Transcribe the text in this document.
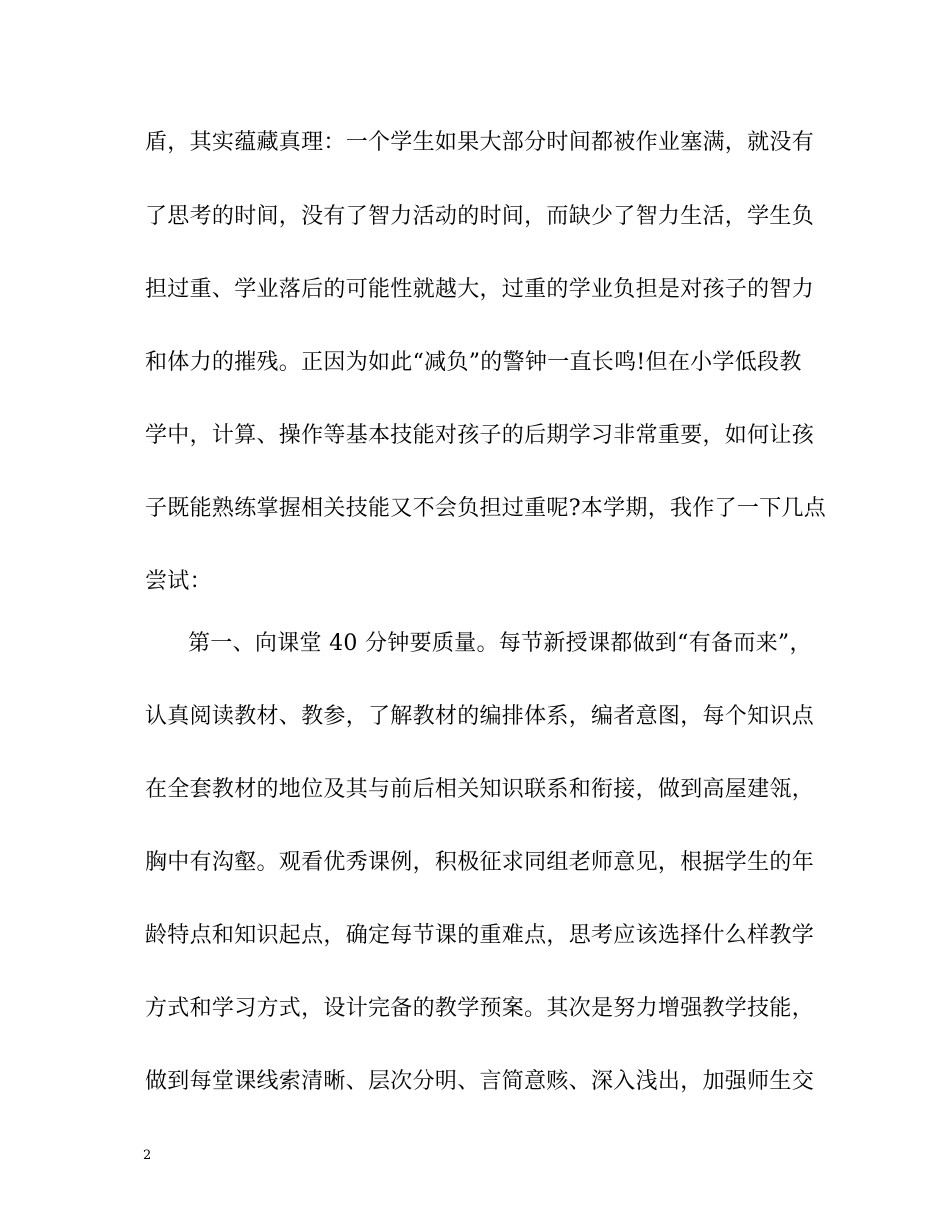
盾，其实蕴藏真理：一个学生如果大部分时间都被作业塞满，就没有
了思考的时间，没有了智力活动的时间，而缺少了智力生活，学生负
担过重、学业落后的可能性就越大，过重的学业负担是对孩子的智力
和体力的摧残。正因为如此“减负”的警钟一直长鸣!但在小学低段教
学中，计算、操作等基本技能对孩子的后期学习非常重要，如何让孩
子既能熟练掌握相关技能又不会负担过重呢?本学期，我作了一下几点
尝试：
第一、向课堂 40 分钟要质量。每节新授课都做到“有备而来”，
认真阅读教材、教参，了解教材的编排体系，编者意图，每个知识点
在全套教材的地位及其与前后相关知识联系和衔接，做到高屋建瓴，
胸中有沟壑。观看优秀课例，积极征求同组老师意见，根据学生的年
龄特点和知识起点，确定每节课的重难点，思考应该选择什么样教学
方式和学习方式，设计完备的教学预案。其次是努力增强教学技能，
做到每堂课线索清晰、层次分明、言简意赅、深入浅出，加强师生交
2
